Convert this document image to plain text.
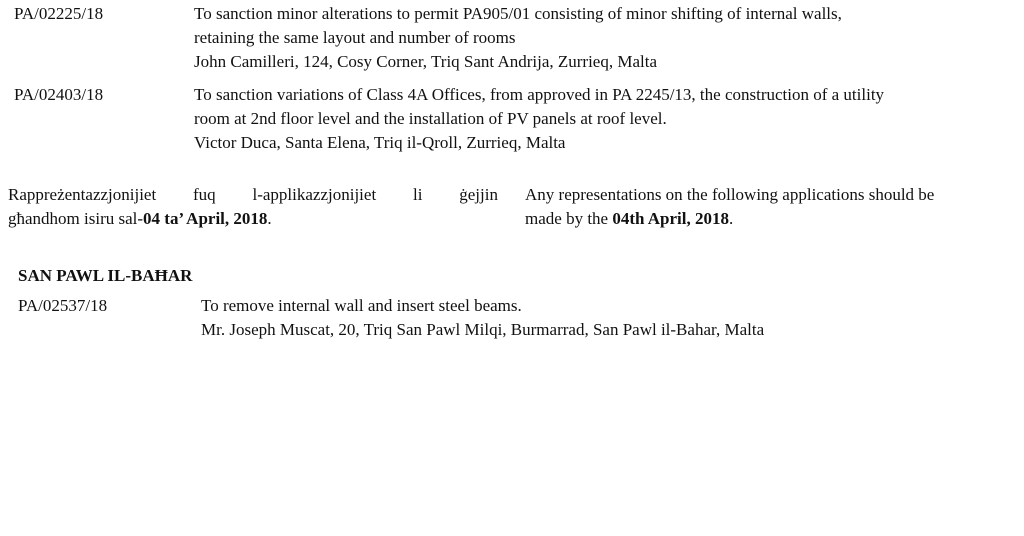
PA/02225/18	To sanction minor alterations to permit PA905/01 consisting of minor shifting of internal walls,
retaining the same layout and number of rooms
John Camilleri, 124, Cosy Corner, Triq Sant Andrija, Zurrieq, Malta
PA/02403/18	To sanction variations of Class 4A Offices, from approved in PA 2245/13, the construction of a utility
room at 2nd floor level and the installation of PV panels at roof level.
Victor Duca, Santa Elena, Triq il-Qroll, Zurrieq, Malta
Rappreżentazzjonijiet fuq l-applikazzjonijiet li ġejjin
għandhom isiru sal-04 ta’ April, 2018.
Any representations on the following applications should be
made by the 04th April, 2018.
SAN PAWL IL-BAĦAR
PA/02537/18	To remove internal wall and insert steel beams.
Mr. Joseph Muscat, 20, Triq San Pawl Milqi, Burmarrad, San Pawl il-Bahar, Malta
